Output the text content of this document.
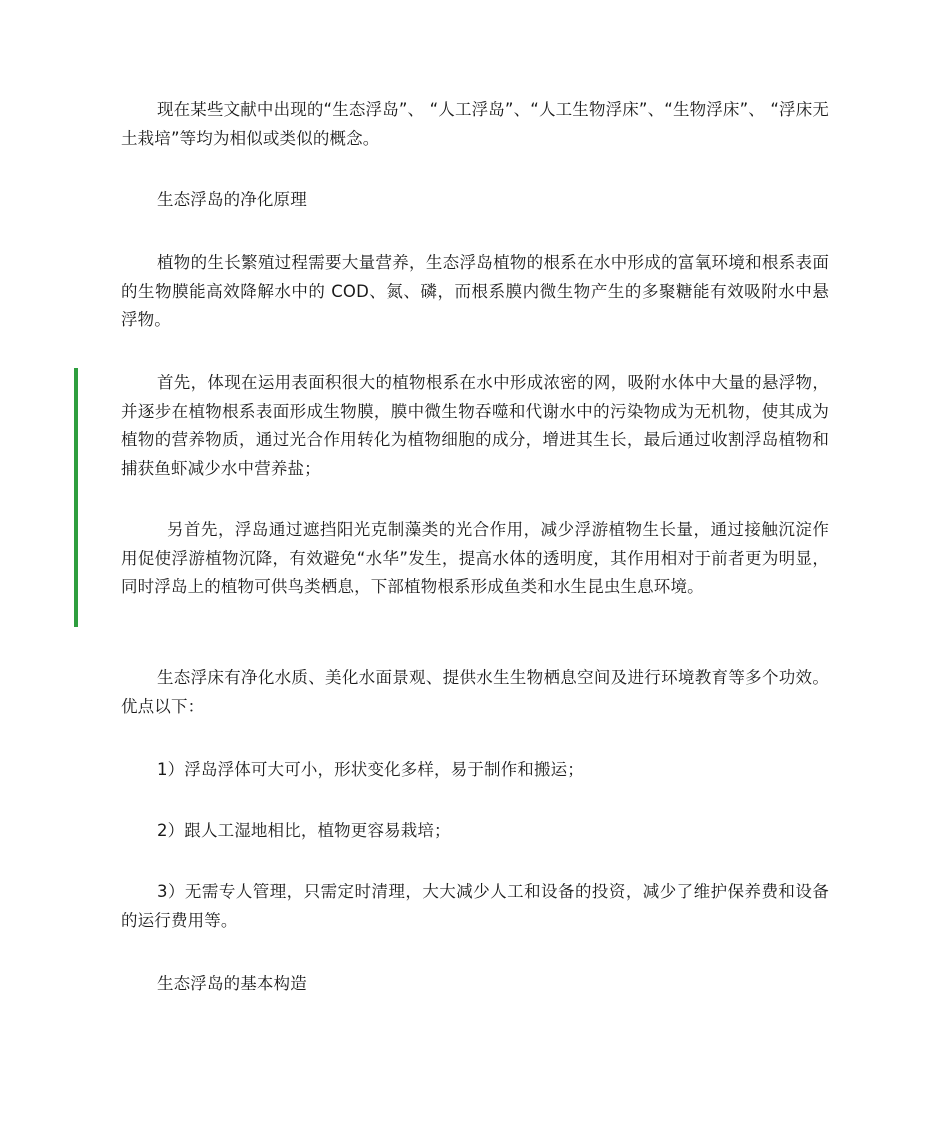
现在某些文献中出现的“生态浮岛”、 “人工浮岛”、“人工生物浮床”、“生物浮床”、 “浮床无土栽培”等均为相似或类似的概念。

生态浮岛的净化原理

植物的生长繁殖过程需要大量营养，生态浮岛植物的根系在水中形成的富氧环境和根系表面的生物膜能高效降解水中的 COD、氮、磷，而根系膜内微生物产生的多聚糖能有效吸附水中悬浮物。

首先，体现在运用表面积很大的植物根系在水中形成浓密的网，吸附水体中大量的悬浮物，并逐步在植物根系表面形成生物膜，膜中微生物吞噬和代谢水中的污染物成为无机物，使其成为植物的营养物质，通过光合作用转化为植物细胞的成分，增进其生长，最后通过收割浮岛植物和捕获鱼虾减少水中营养盐；

另首先，浮岛通过遮挡阳光克制藻类的光合作用，减少浮游植物生长量，通过接触沉淀作用促使浮游植物沉降，有效避免“水华”发生，提高水体的透明度，其作用相对于前者更为明显，同时浮岛上的植物可供鸟类栖息，下部植物根系形成鱼类和水生昆虫生息环境。

生态浮床有净化水质、美化水面景观、提供水生生物栖息空间及进行环境教育等多个功效。优点以下：

1）浮岛浮体可大可小，形状变化多样，易于制作和搬运；

2）跟人工湿地相比，植物更容易栽培；

3）无需专人管理，只需定时清理，大大减少人工和设备的投资，减少了维护保养费和设备的运行费用等。

生态浮岛的基本构造
